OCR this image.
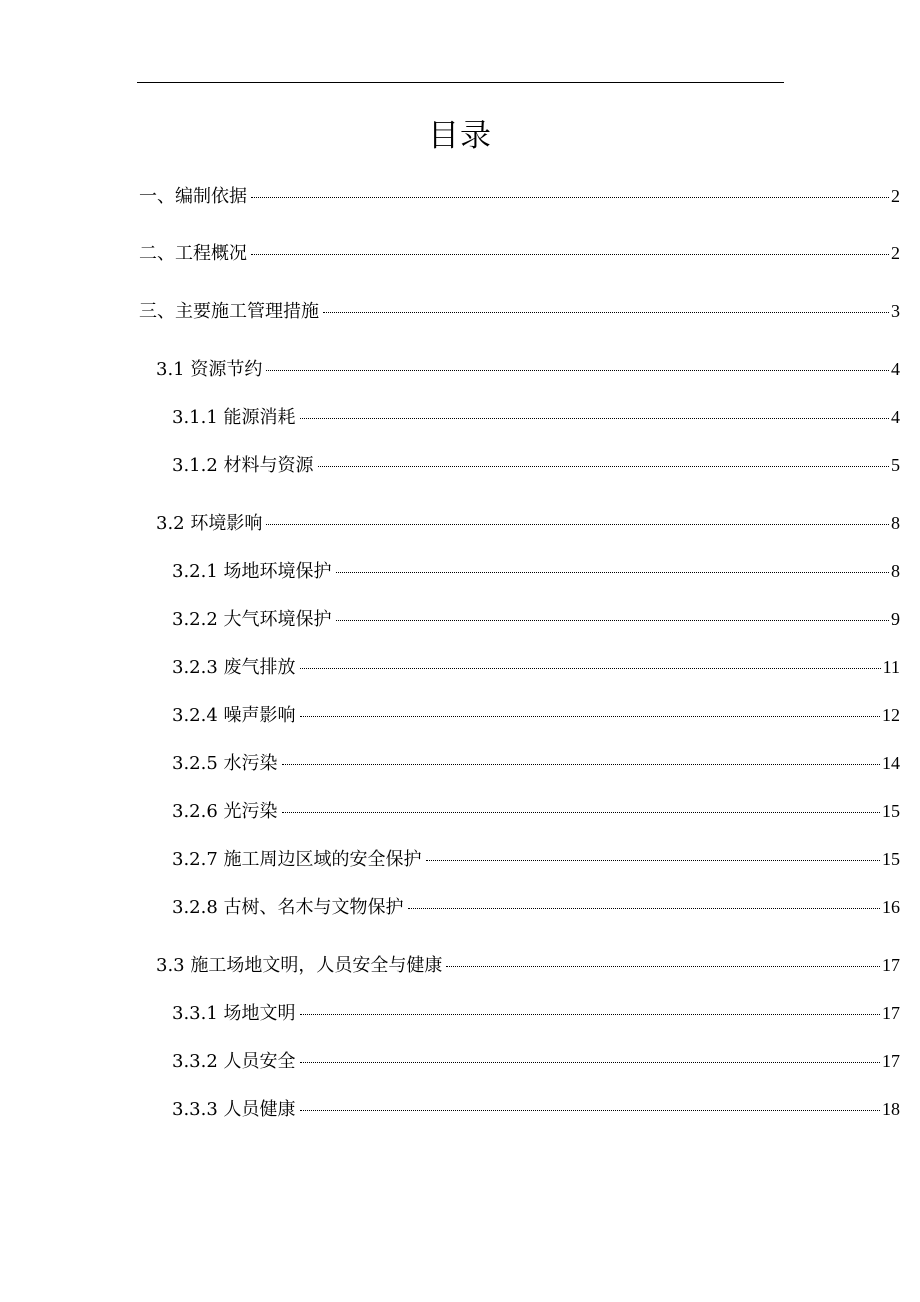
目录
一、编制依据	2
二、工程概况	2
三、主要施工管理措施	3
3.1 资源节约	4
3.1.1 能源消耗	4
3.1.2 材料与资源	5
3.2 环境影响	8
3.2.1 场地环境保护	8
3.2.2 大气环境保护	9
3.2.3 废气排放	11
3.2.4 噪声影响	12
3.2.5 水污染	14
3.2.6 光污染	15
3.2.7 施工周边区域的安全保护	15
3.2.8 古树、名木与文物保护	16
3.3 施工场地文明，人员安全与健康	17
3.3.1 场地文明	17
3.3.2 人员安全	17
3.3.3 人员健康	18
